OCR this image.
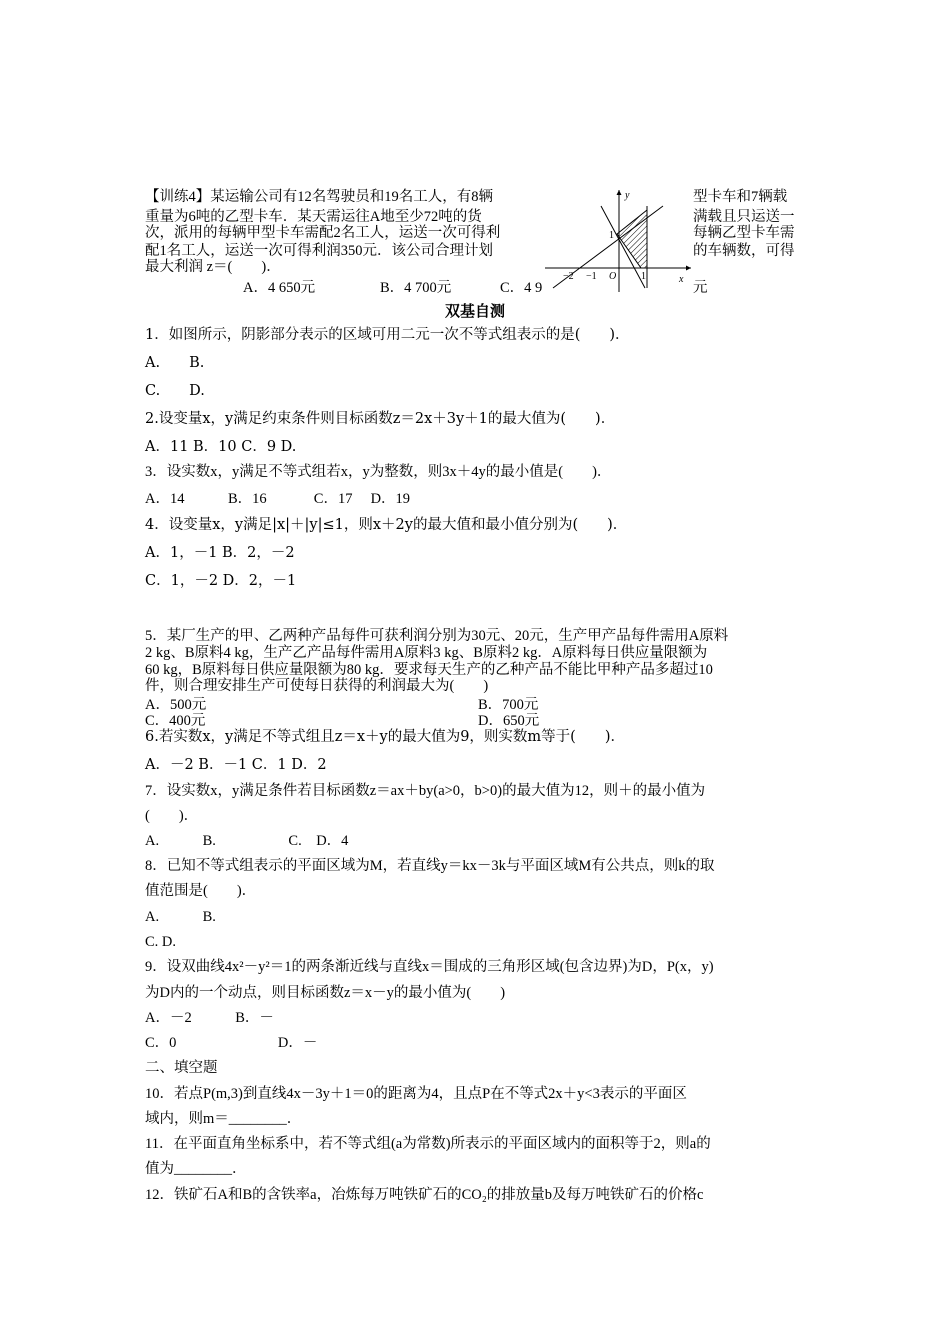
【训练4】某运输公司有12名驾驶员和19名工人，有8辆	型卡车和7辆载
重量为6吨的乙型卡车．某天需运往A地至少72吨的货	满载且只运送一
次，派用的每辆甲型卡车需配2名工人，运送一次可得利	每辆乙型卡车需
配1名工人，运送一次可得利润350元．该公司合理计划	的车辆数，可得
最大利润 z＝(　　)．
A．4 650元	B．4 700元	C．4 9	元
y
x
O
−2 −1	1
1
双基自测
1．如图所示，阴影部分表示的区域可用二元一次不等式组表示的是(　　)．
A.　　B.
C.　　D.
2.设变量x，y满足约束条件则目标函数z＝2x＋3y＋1的最大值为(　　)．
A．11 B．10 C．9 D.
3．设实数x，y满足不等式组若x，y为整数，则3x＋4y的最小值是(　　)．
A．14　　　B．16　　　 C．17　 D．19
4．设变量x，y满足|x|＋|y|≤1，则x＋2y的最大值和最小值分别为(　　)．
A．1，－1 B．2，－2
C．1，－2 D．2，－1
5．某厂生产的甲、乙两种产品每件可获利润分别为30元、20元，生产甲产品每件需用A原料
2 kg、B原料4 kg，生产乙产品每件需用A原料3 kg、B原料2 kg．A原料每日供应量限额为
60 kg，B原料每日供应量限额为80 kg．要求每天生产的乙种产品不能比甲种产品多超过10
件，则合理安排生产可使每日获得的利润最大为(　　)
A．500元	B．700元
C．400元	D．650元
6.若实数x，y满足不等式组且z＝x＋y的最大值为9，则实数m等于(　　)．
A．－2 B．－1 C．1 D．2
7．设实数x，y满足条件若目标函数z＝ax＋by(a>0，b>0)的最大值为12，则＋的最小值为
(　　)．
A.　　　B.　　　　　C.　D．4
8．已知不等式组表示的平面区域为M，若直线y＝kx－3k与平面区域M有公共点，则k的取
值范围是(　　)．
A.　　　B.
C. D.
9．设双曲线4x²－y²＝1的两条渐近线与直线x＝围成的三角形区域(包含边界)为D，P(x，y)
为D内的一个动点，则目标函数z＝x－y的最小值为(　　)
A．－2　　　B．－
C．0　　　　　　　D．－
二、填空题
10．若点P(m,3)到直线4x－3y＋1＝0的距离为4，且点P在不等式2x＋y<3表示的平面区
域内，则m＝________．
11．在平面直角坐标系中，若不等式组(a为常数)所表示的平面区域内的面积等于2，则a的
值为________．
12．铁矿石A和B的含铁率a，冶炼每万吨铁矿石的CO₂的排放量b及每万吨铁矿石的价格c
